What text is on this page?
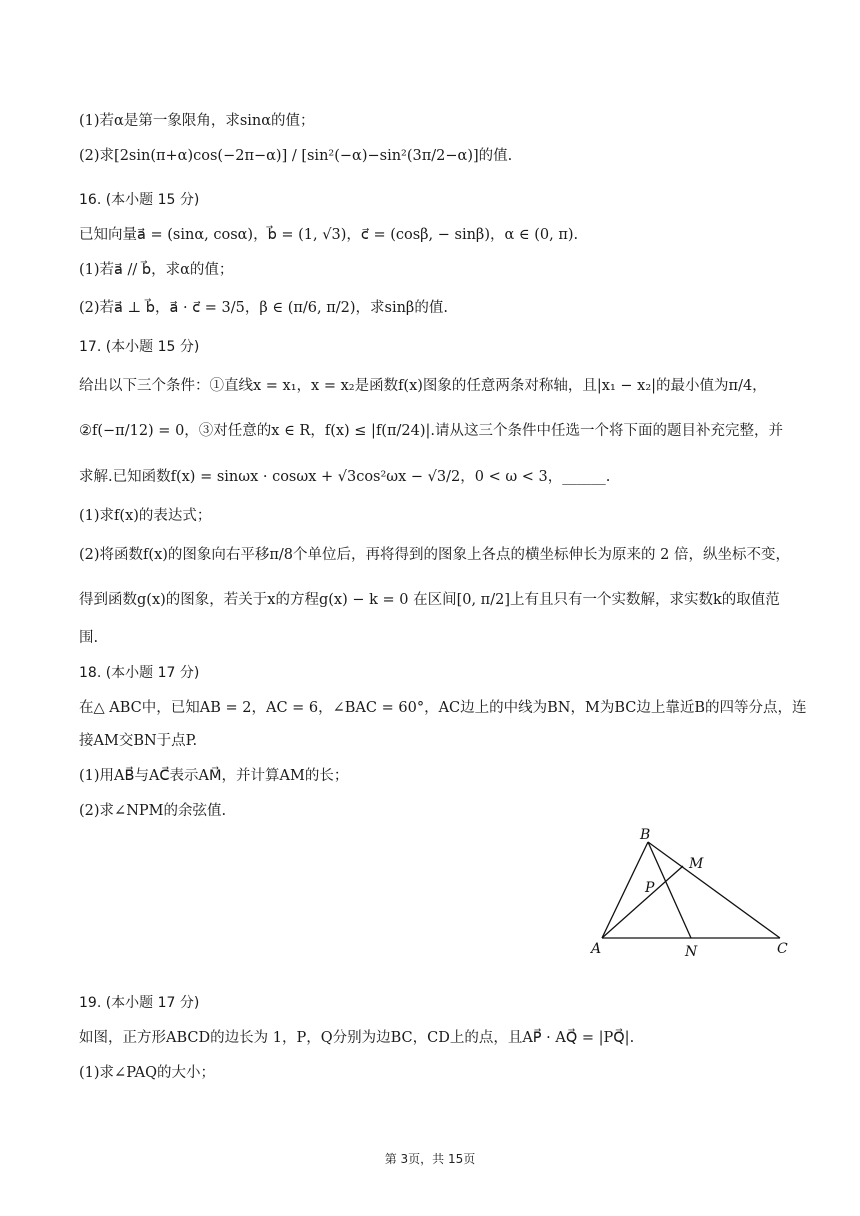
(1)若α是第一象限角，求sinα的值；
(2)求[2sin(π+α)cos(−2π−α)] / [sin²(−α)−sin²(3π/2−α)]的值.
16. (本小题 15 分)
已知向量a⃗ = (sinα, cosα)，b⃗ = (1, √3)，c⃗ = (cosβ, − sinβ)，α ∈ (0, π).
(1)若a⃗ // b⃗，求α的值；
(2)若a⃗ ⊥ b⃗，a⃗ · c⃗ = 3/5，β ∈ (π/6, π/2)，求sinβ的值.
17. (本小题 15 分)
给出以下三个条件：①直线x = x₁，x = x₂是函数f(x)图象的任意两条对称轴，且|x₁ − x₂|的最小值为π/4，
②f(−π/12) = 0，③对任意的x ∈ R，f(x) ≤ |f(π/24)|.请从这三个条件中任选一个将下面的题目补充完整，并
求解.已知函数f(x) = sinωx · cosωx + √3cos²ωx − √3/2，0 < ω < 3，______.
(1)求f(x)的表达式；
(2)将函数f(x)的图象向右平移π/8个单位后，再将得到的图象上各点的横坐标伸长为原来的 2 倍，纵坐标不变，
得到函数g(x)的图象，若关于x的方程g(x) − k = 0 在区间[0, π/2]上有且只有一个实数解，求实数k的取值范
围.
18. (本小题 17 分)
在△ ABC中，已知AB = 2，AC = 6，∠BAC = 60°，AC边上的中线为BN，M为BC边上靠近B的四等分点，连
接AM交BN于点P.
(1)用AB⃗与AC⃗表示AM⃗，并计算AM的长；
(2)求∠NPM的余弦值.
B
M
P
A	N	C
19. (本小题 17 分)
如图，正方形ABCD的边长为 1，P，Q分别为边BC，CD上的点，且AP⃗ · AQ⃗ = |PQ⃗|.
(1)求∠PAQ的大小；
第 3页，共 15页
